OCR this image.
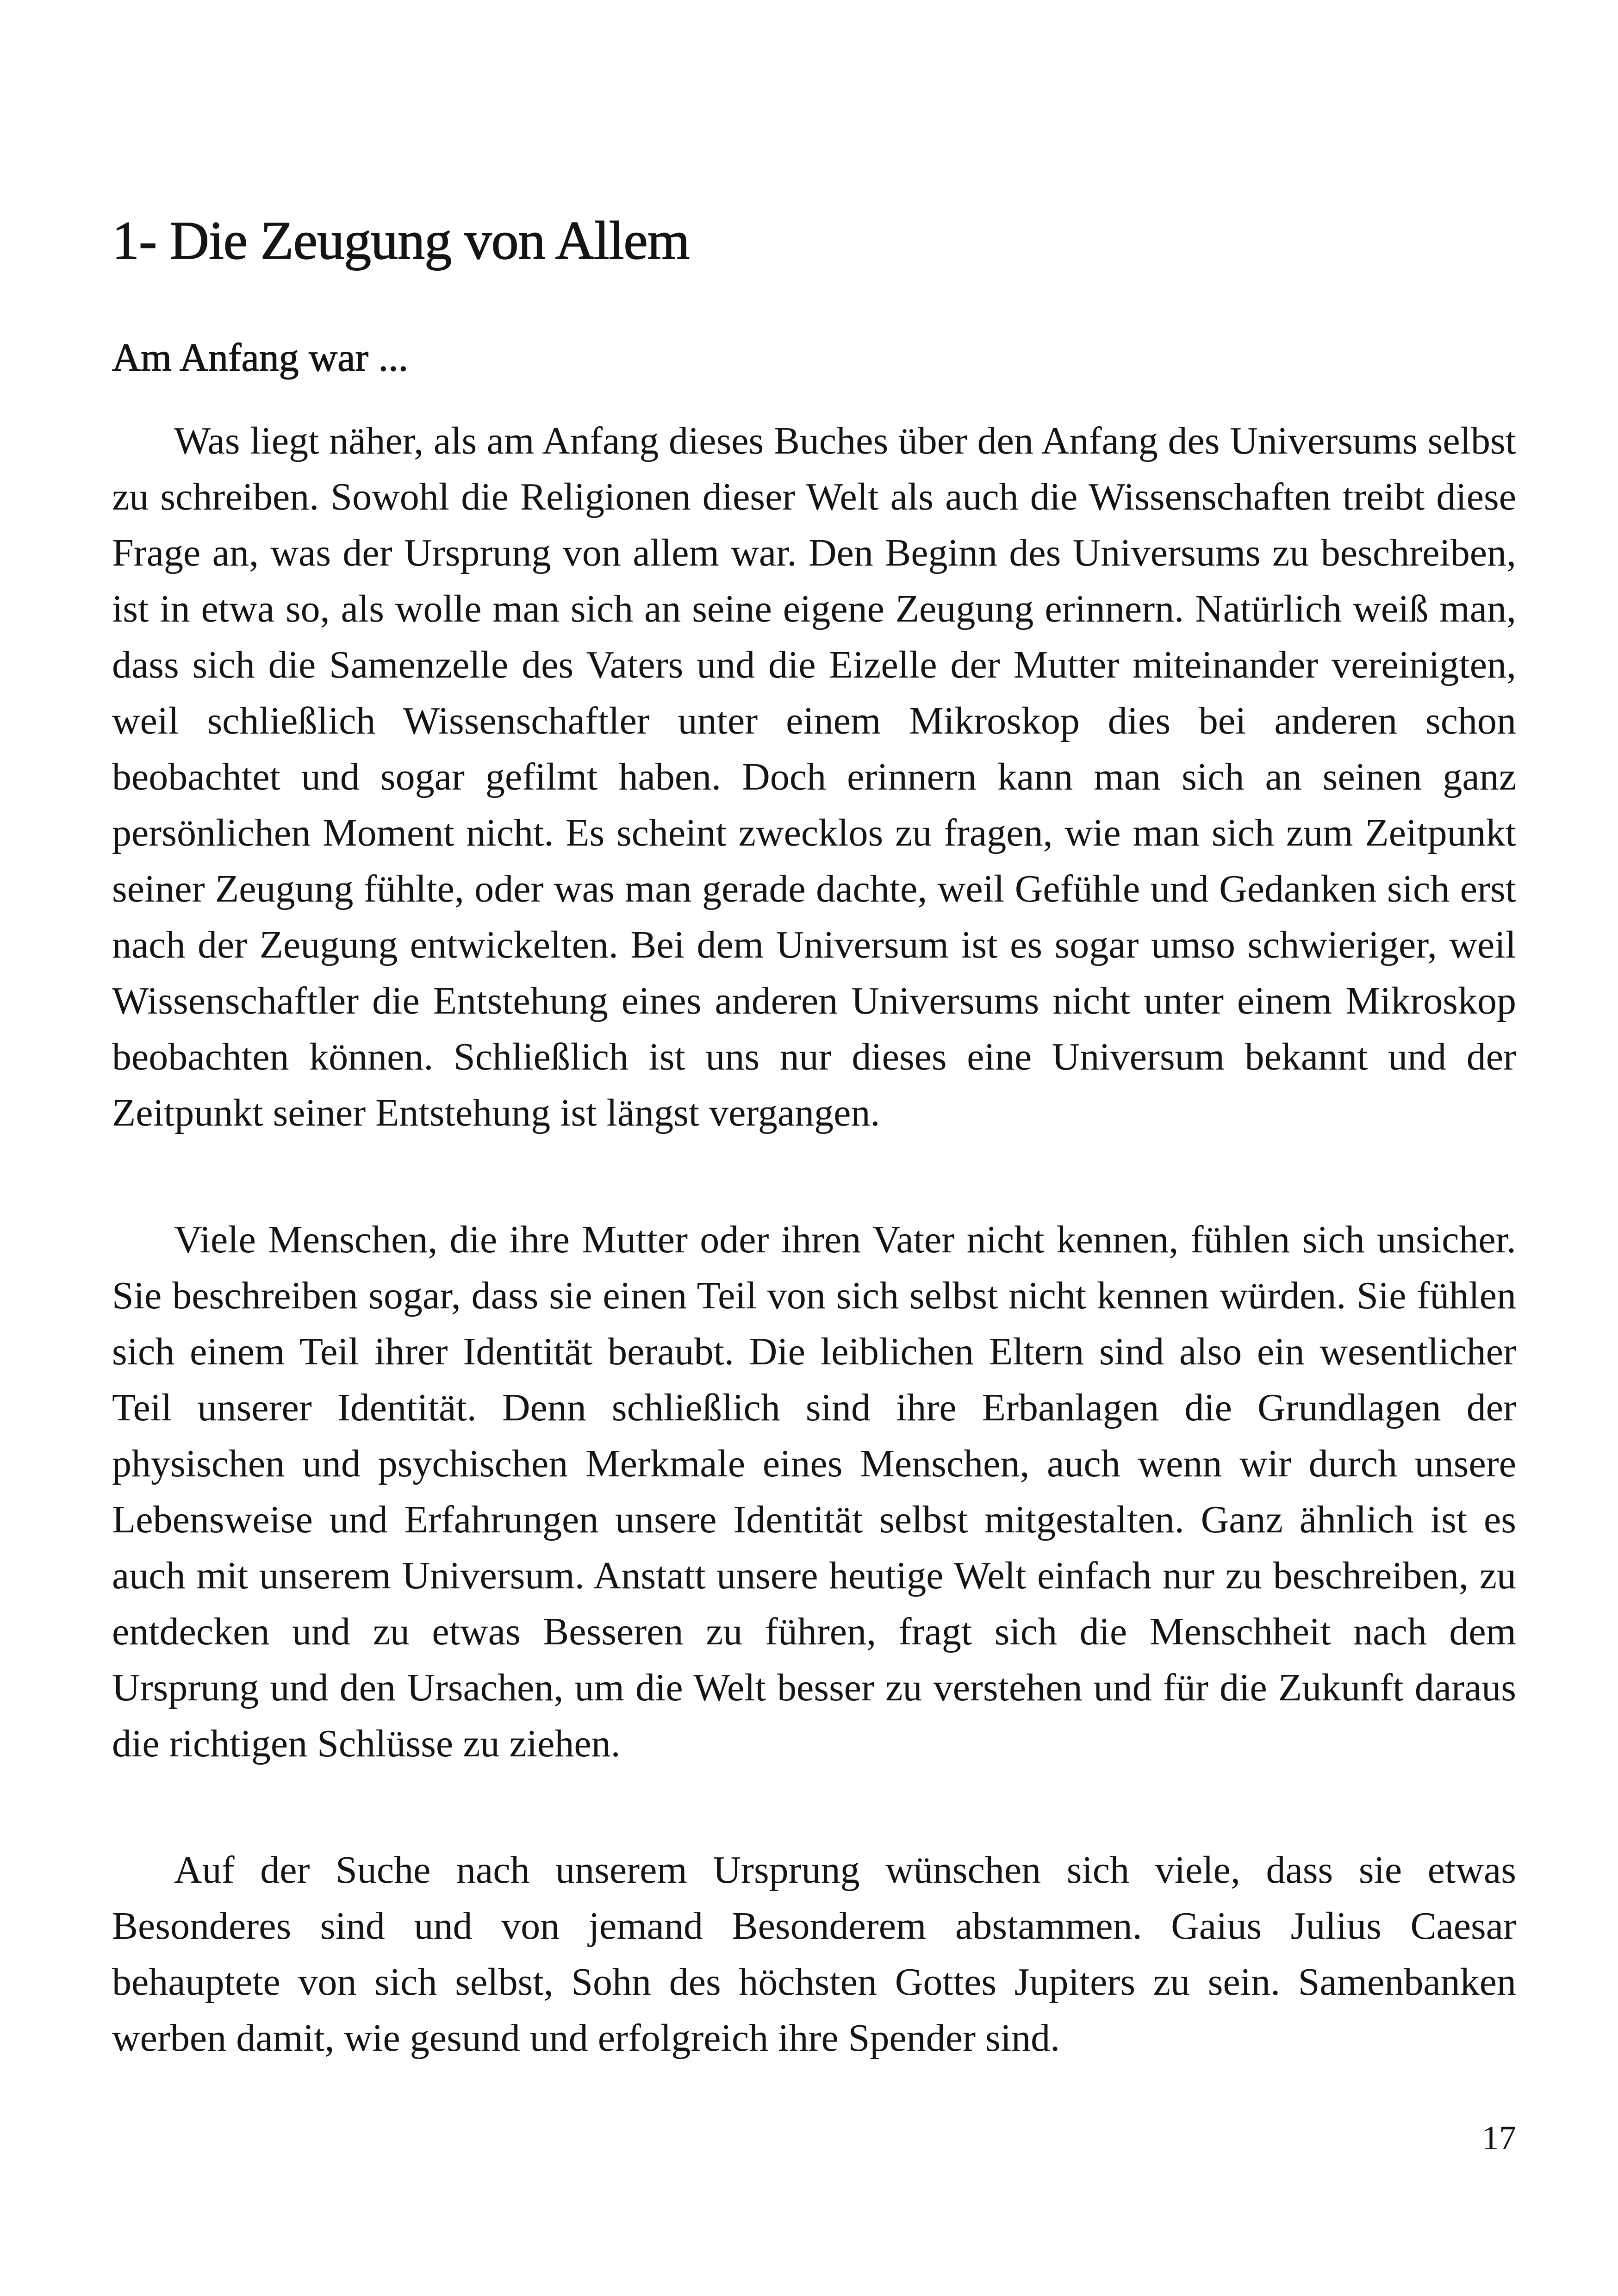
1- Die Zeugung von Allem
Am Anfang war ...

Was liegt näher, als am Anfang dieses Buches über den Anfang des Universums selbst zu schreiben. Sowohl die Religionen dieser Welt als auch die Wissenschaften treibt diese Frage an, was der Ursprung von allem war. Den Beginn des Universums zu beschreiben, ist in etwa so, als wolle man sich an seine eigene Zeugung erinnern. Natürlich weiß man, dass sich die Samenzelle des Vaters und die Eizelle der Mutter miteinander vereinigten, weil schließlich Wissenschaftler unter einem Mikroskop dies bei anderen schon beobachtet und sogar gefilmt haben. Doch erinnern kann man sich an seinen ganz persönlichen Moment nicht. Es scheint zwecklos zu fragen, wie man sich zum Zeitpunkt seiner Zeugung fühlte, oder was man gerade dachte, weil Gefühle und Gedanken sich erst nach der Zeugung entwickelten. Bei dem Universum ist es sogar umso schwieriger, weil Wissenschaftler die Entstehung eines anderen Universums nicht unter einem Mikroskop beobachten können. Schließlich ist uns nur dieses eine Universum bekannt und der Zeitpunkt seiner Entstehung ist längst vergangen.

Viele Menschen, die ihre Mutter oder ihren Vater nicht kennen, fühlen sich unsicher. Sie beschreiben sogar, dass sie einen Teil von sich selbst nicht kennen würden. Sie fühlen sich einem Teil ihrer Identität beraubt. Die leiblichen Eltern sind also ein wesentlicher Teil unserer Identität. Denn schließlich sind ihre Erbanlagen die Grundlagen der physischen und psychischen Merkmale eines Menschen, auch wenn wir durch unsere Lebensweise und Erfahrungen unsere Identität selbst mitgestalten. Ganz ähnlich ist es auch mit unserem Universum. Anstatt unsere heutige Welt einfach nur zu beschreiben, zu entdecken und zu etwas Besseren zu führen, fragt sich die Menschheit nach dem Ursprung und den Ursachen, um die Welt besser zu verstehen und für die Zukunft daraus die richtigen Schlüsse zu ziehen.

Auf der Suche nach unserem Ursprung wünschen sich viele, dass sie etwas Besonderes sind und von jemand Besonderem abstammen. Gaius Julius Caesar behauptete von sich selbst, Sohn des höchsten Gottes Jupiters zu sein. Samenbanken werben damit, wie gesund und erfolgreich ihre Spender sind.

17
